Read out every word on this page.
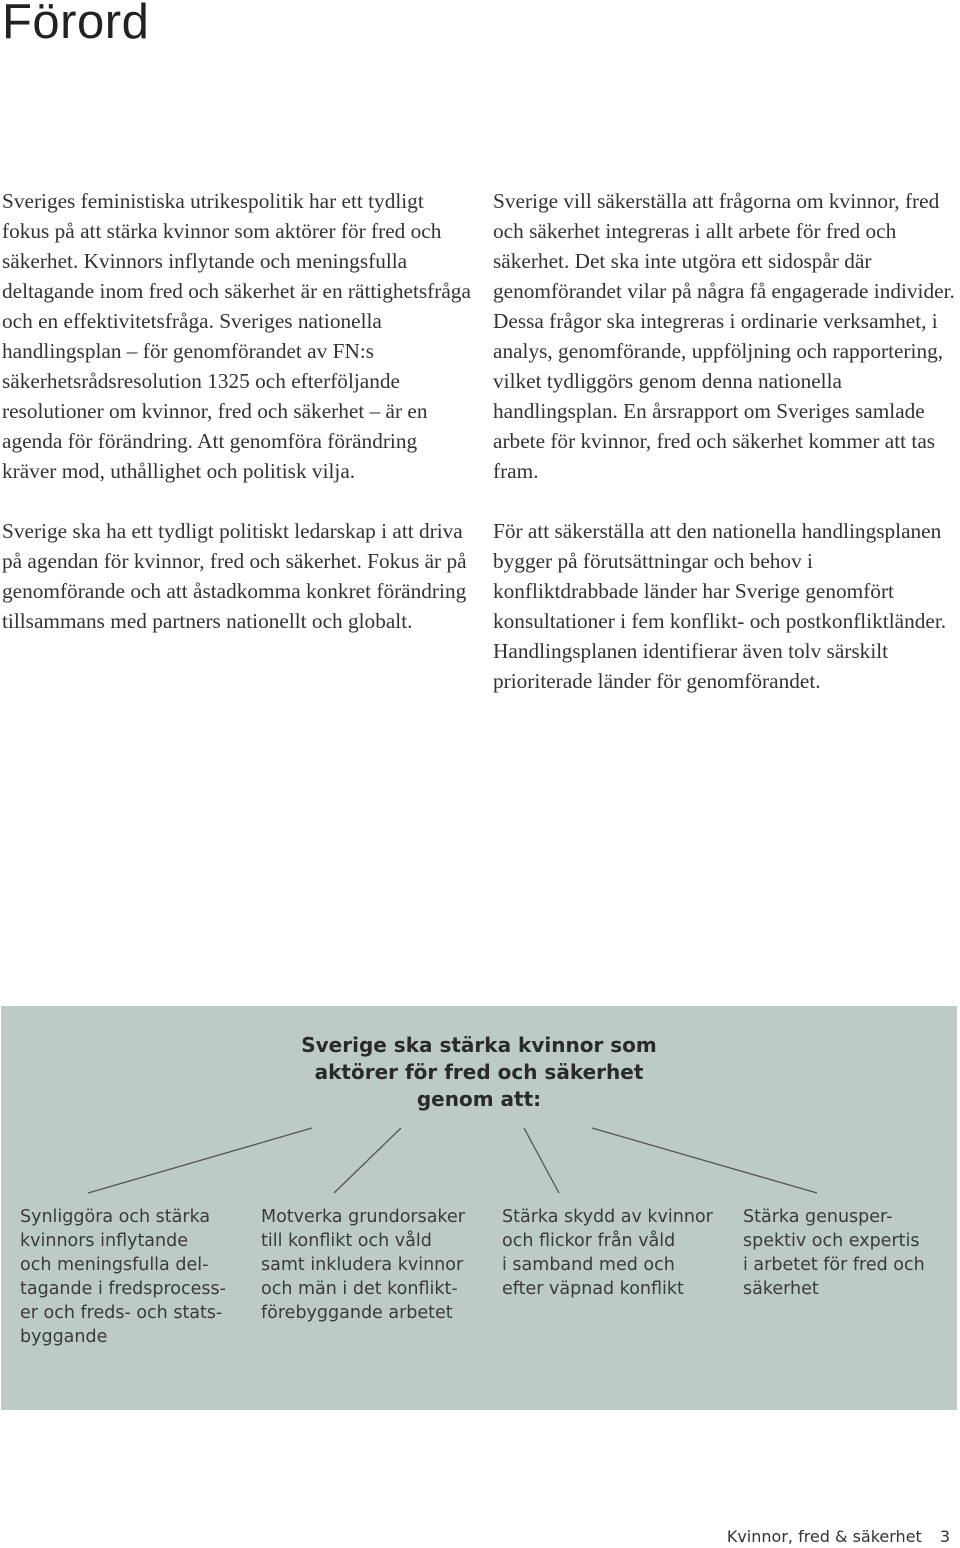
Förord

Sveriges feministiska utrikespolitik har ett tydligt fokus på att stärka kvinnor som aktörer för fred och säkerhet. Kvinnors inflytande och meningsfulla deltagande inom fred och säkerhet är en rättighetsfråga och en effektivitetsfråga. Sveriges nationella handlingsplan – för genomförandet av FN:s säkerhetsrådsresolution 1325 och efterföljande resolutioner om kvinnor, fred och säkerhet – är en agenda för förändring. Att genomföra förändring kräver mod, uthållighet och politisk vilja.

Sverige ska ha ett tydligt politiskt ledarskap i att driva på agendan för kvinnor, fred och säkerhet. Fokus är på genomförande och att åstadkomma konkret förändring tillsammans med partners nationellt och globalt.

Sverige vill säkerställa att frågorna om kvinnor, fred och säkerhet integreras i allt arbete för fred och säkerhet. Det ska inte utgöra ett sidospår där genomförandet vilar på några få engagerade individer. Dessa frågor ska integreras i ordinarie verksamhet, i analys, genomförande, uppföljning och rapportering, vilket tydliggörs genom denna nationella handlingsplan. En årsrapport om Sveriges samlade arbete för kvinnor, fred och säkerhet kommer att tas fram.

För att säkerställa att den nationella handlingsplanen bygger på förutsättningar och behov i konfliktdrabbade länder har Sverige genomfört konsultationer i fem konflikt- och postkonfliktländer. Handlingsplanen identifierar även tolv särskilt prioriterade länder för genomförandet.

Sverige ska stärka kvinnor som
aktörer för fred och säkerhet
genom att:
Synliggöra och stärka
kvinnors inflytande
och meningsfulla del-
tagande i fredsprocess-
er och freds- och stats-
byggande
Motverka grundorsaker
till konflikt och våld
samt inkludera kvinnor
och män i det konflikt-
förebyggande arbetet
Stärka skydd av kvinnor
och flickor från våld
i samband med och
efter väpnad konflikt
Stärka genusper-
spektiv och expertis
i arbetet för fred och
säkerhet
Kvinnor, fred & säkerhet 3
